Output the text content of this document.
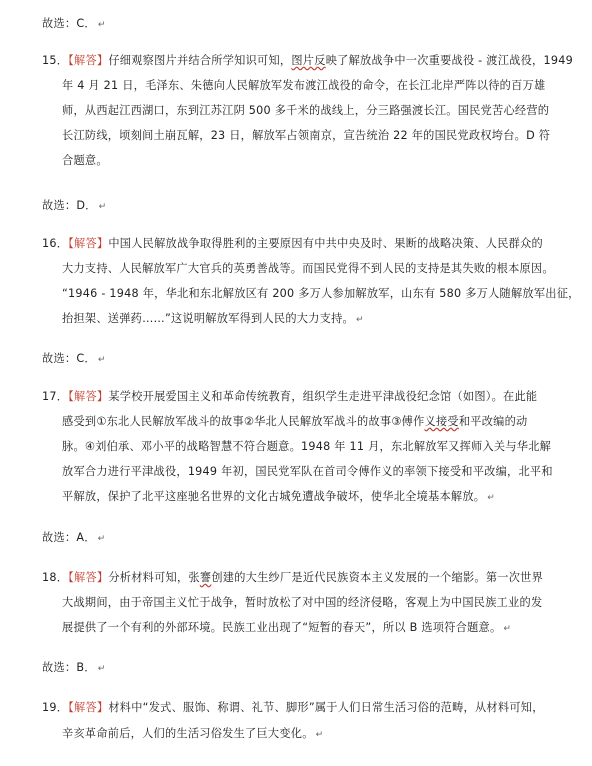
故选：C． ↵
15．【解答】仔细观察图片并结合所学知识可知，图片反映了解放战争中一次重要战役 - 渡江战役，1949
年 4 月 21 日，毛泽东、朱德向人民解放军发布渡江战役的命令，在长江北岸严阵以待的百万雄
师，从西起江西湖口，东到江苏江阴 500 多千米的战线上，分三路强渡长江。国民党苦心经营的
长江防线，顷刻间土崩瓦解，23 日，解放军占领南京，宣告统治 22 年的国民党政权垮台。D 符
合题意。
故选：D． ↵
16．【解答】中国人民解放战争取得胜利的主要原因有中共中央及时、果断的战略决策、人民群众的
大力支持、人民解放军广大官兵的英勇善战等。而国民党得不到人民的支持是其失败的根本原因。
“1946 - 1948 年，华北和东北解放区有 200 多万人参加解放军，山东有 580 多万人随解放军出征，
抬担架、送弹药……”这说明解放军得到人民的大力支持。 ↵
故选：C． ↵
17．【解答】某学校开展爱国主义和革命传统教育，组织学生走进平津战役纪念馆（如图）。在此能
感受到①东北人民解放军战斗的故事②华北人民解放军战斗的故事③傅作义接受和平改编的动
脉。④刘伯承、邓小平的战略智慧不符合题意。1948 年 11 月，东北解放军又挥师入关与华北解
放军合力进行平津战役，1949 年初，国民党军队在首司令傅作义的率领下接受和平改编，北平和
平解放，保护了北平这座驰名世界的文化古城免遭战争破坏，使华北全境基本解放。 ↵
故选：A． ↵
18．【解答】分析材料可知，张謇创建的大生纱厂是近代民族资本主义发展的一个缩影。第一次世界
大战期间，由于帝国主义忙于战争，暂时放松了对中国的经济侵略，客观上为中国民族工业的发
展提供了一个有利的外部环境。民族工业出现了“短暂的春天”，所以 B 选项符合题意。 ↵
故选：B． ↵
19．【解答】材料中“发式、服饰、称谓、礼节、脚形”属于人们日常生活习俗的范畴，从材料可知，
辛亥革命前后，人们的生活习俗发生了巨大变化。 ↵
